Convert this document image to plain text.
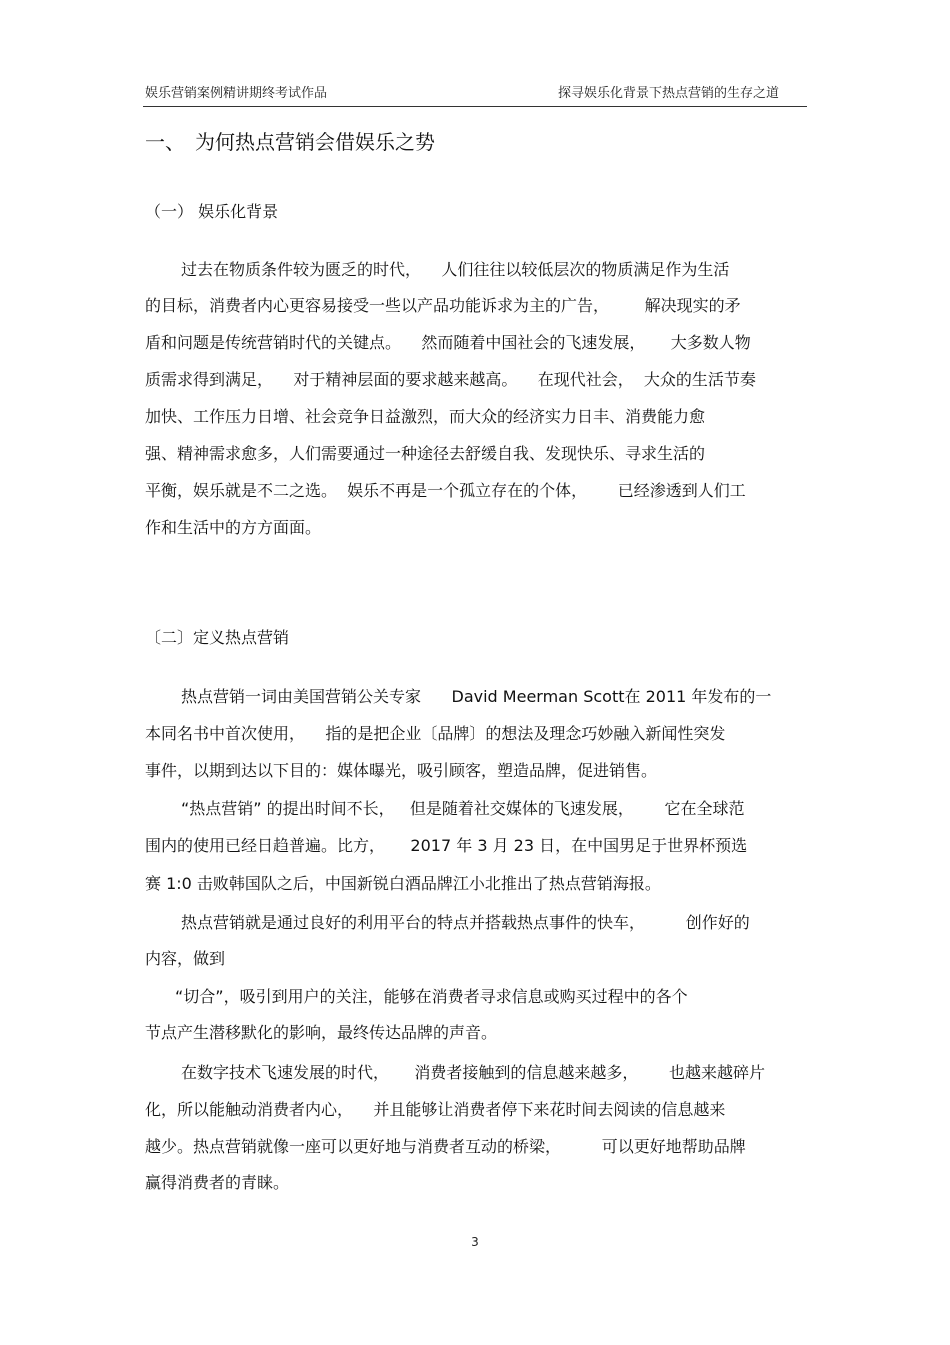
娱乐营销案例精讲期终考试作品	探寻娱乐化背景下热点营销的生存之道
一、 为何热点营销会借娱乐之势
（一） 娱乐化背景
过去在物质条件较为匮乏的时代，    人们往往以较低层次的物质满足作为生活
的目标，消费者内心更容易接受一些以产品功能诉求为主的广告，       解决现实的矛
盾和问题是传统营销时代的关键点。    然而随着中国社会的飞速发展，     大多数人物
质需求得到满足，    对于精神层面的要求越来越高。    在现代社会，  大众的生活节奏
加快、工作压力日增、社会竞争日益激烈，而大众的经济实力日丰、消费能力愈
强、精神需求愈多，人们需要通过一种途径去舒缓自我、发现快乐、寻求生活的
平衡，娱乐就是不二之选。  娱乐不再是一个孤立存在的个体，      已经渗透到人们工
作和生活中的方方面面。
〔二〕定义热点营销
热点营销一词由美国营销公关专家      David Meerman Scott在 2011 年发布的一
本同名书中首次使用，    指的是把企业〔品牌〕的想法及理念巧妙融入新闻性突发
事件，以期到达以下目的：媒体曝光，吸引顾客，塑造品牌，促进销售。
“热点营销” 的提出时间不长，   但是随着社交媒体的飞速发展，      它在全球范
围内的使用已经日趋普遍。比方，     2017 年 3 月 23 日，在中国男足于世界杯预选
赛 1:0 击败韩国队之后，中国新锐白酒品牌江小北推出了热点营销海报。
热点营销就是通过良好的利用平台的特点并搭载热点事件的快车，        创作好的
内容，做到
“切合”，吸引到用户的关注，能够在消费者寻求信息或购买过程中的各个
节点产生潜移默化的影响，最终传达品牌的声音。
在数字技术飞速发展的时代，     消费者接触到的信息越来越多，      也越来越碎片
化，所以能触动消费者内心，    并且能够让消费者停下来花时间去阅读的信息越来
越少。热点营销就像一座可以更好地与消费者互动的桥梁，        可以更好地帮助品牌
赢得消费者的青睐。
3
